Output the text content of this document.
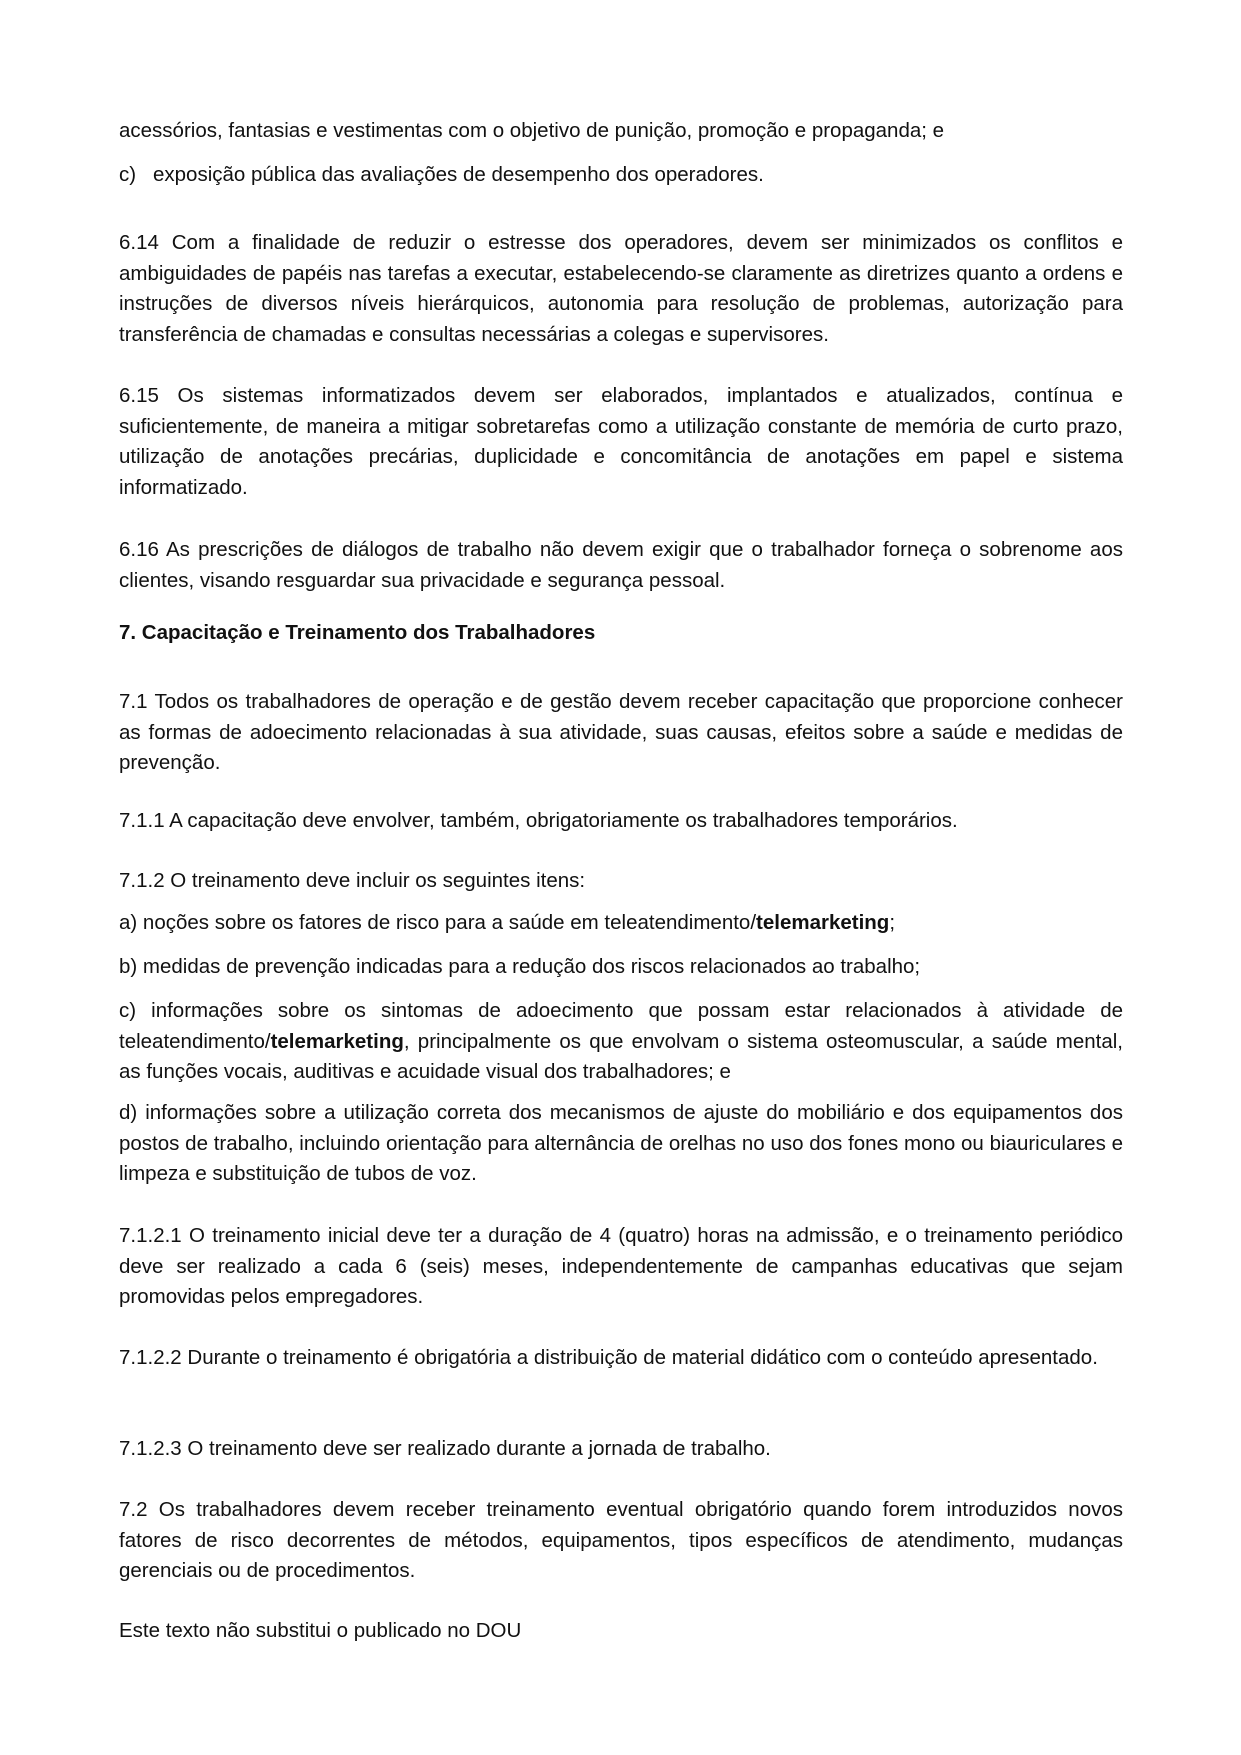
acessórios, fantasias e vestimentas com o objetivo de punição, promoção e propaganda; e

c) exposição pública das avaliações de desempenho dos operadores.

6.14 Com a finalidade de reduzir o estresse dos operadores, devem ser minimizados os conflitos e ambiguidades de papéis nas tarefas a executar, estabelecendo-se claramente as diretrizes quanto a ordens e instruções de diversos níveis hierárquicos, autonomia para resolução de problemas, autorização para transferência de chamadas e consultas necessárias a colegas e supervisores.

6.15 Os sistemas informatizados devem ser elaborados, implantados e atualizados, contínua e suficientemente, de maneira a mitigar sobretarefas como a utilização constante de memória de curto prazo, utilização de anotações precárias, duplicidade e concomitância de anotações em papel e sistema informatizado.

6.16 As prescrições de diálogos de trabalho não devem exigir que o trabalhador forneça o sobrenome aos clientes, visando resguardar sua privacidade e segurança pessoal.

7. Capacitação e Treinamento dos Trabalhadores

7.1 Todos os trabalhadores de operação e de gestão devem receber capacitação que proporcione conhecer as formas de adoecimento relacionadas à sua atividade, suas causas, efeitos sobre a saúde e medidas de prevenção.

7.1.1 A capacitação deve envolver, também, obrigatoriamente os trabalhadores temporários.

7.1.2 O treinamento deve incluir os seguintes itens:

a) noções sobre os fatores de risco para a saúde em teleatendimento/telemarketing;

b) medidas de prevenção indicadas para a redução dos riscos relacionados ao trabalho;

c) informações sobre os sintomas de adoecimento que possam estar relacionados à atividade de teleatendimento/telemarketing, principalmente os que envolvam o sistema osteomuscular, a saúde mental, as funções vocais, auditivas e acuidade visual dos trabalhadores; e

d) informações sobre a utilização correta dos mecanismos de ajuste do mobiliário e dos equipamentos dos postos de trabalho, incluindo orientação para alternância de orelhas no uso dos fones mono ou biauriculares e limpeza e substituição de tubos de voz.

7.1.2.1 O treinamento inicial deve ter a duração de 4 (quatro) horas na admissão, e o treinamento periódico deve ser realizado a cada 6 (seis) meses, independentemente de campanhas educativas que sejam promovidas pelos empregadores.

7.1.2.2 Durante o treinamento é obrigatória a distribuição de material didático com o conteúdo apresentado.

7.1.2.3 O treinamento deve ser realizado durante a jornada de trabalho.

7.2 Os trabalhadores devem receber treinamento eventual obrigatório quando forem introduzidos novos fatores de risco decorrentes de métodos, equipamentos, tipos específicos de atendimento, mudanças gerenciais ou de procedimentos.

Este texto não substitui o publicado no DOU
